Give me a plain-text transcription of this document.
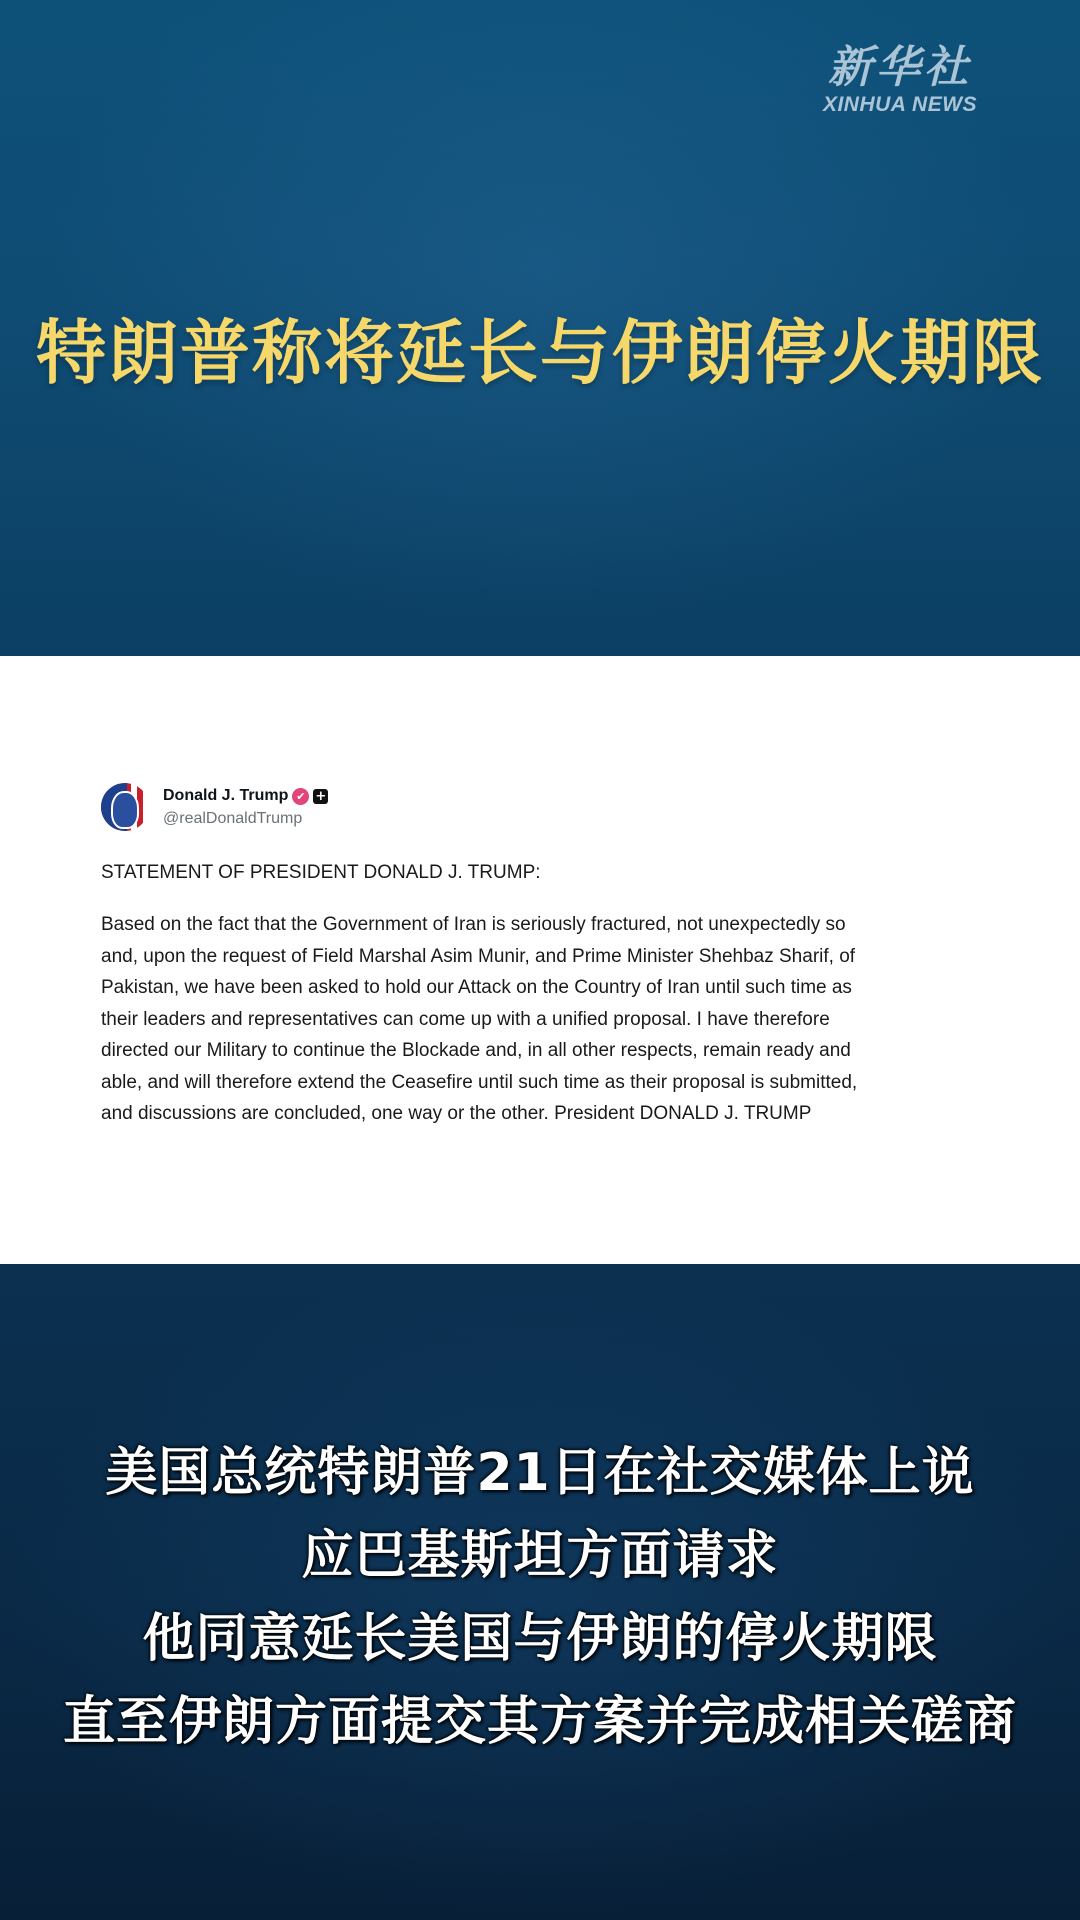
新华社
XINHUA NEWS
特朗普称将延长与伊朗停火期限
Donald J. Trump ✔ +
@realDonaldTrump
STATEMENT OF PRESIDENT DONALD J. TRUMP:
Based on the fact that the Government of Iran is seriously fractured, not unexpectedly so
and, upon the request of Field Marshal Asim Munir, and Prime Minister Shehbaz Sharif, of
Pakistan, we have been asked to hold our Attack on the Country of Iran until such time as
their leaders and representatives can come up with a unified proposal. I have therefore
directed our Military to continue the Blockade and, in all other respects, remain ready and
able, and will therefore extend the Ceasefire until such time as their proposal is submitted,
and discussions are concluded, one way or the other. President DONALD J. TRUMP
美国总统特朗普21日在社交媒体上说
应巴基斯坦方面请求
他同意延长美国与伊朗的停火期限
直至伊朗方面提交其方案并完成相关磋商
